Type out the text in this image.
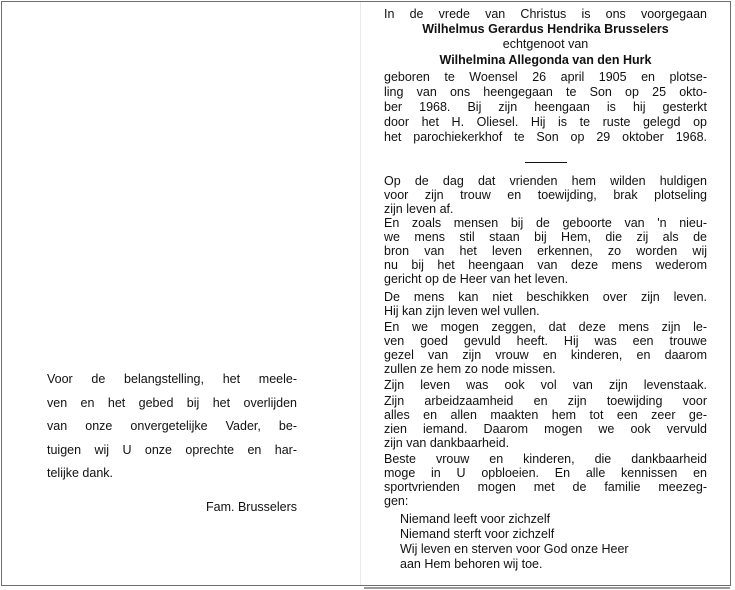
Voor de belangstelling, het meele-
ven en het gebed bij het overlijden
van onze onvergetelijke Vader, be-
tuigen wij U onze oprechte en har-
telijke dank.
Fam. Brusselers
In de vrede van Christus is ons voorgegaan
Wilhelmus Gerardus Hendrika Brusselers
echtgenoot van
Wilhelmina Allegonda van den Hurk
geboren te Woensel 26 april 1905 en plotse-
ling van ons heengegaan te Son op 25 okto-
ber 1968. Bij zijn heengaan is hij gesterkt
door het H. Oliesel. Hij is te ruste gelegd op
het parochiekerkhof te Son op 29 oktober 1968.
Op de dag dat vrienden hem wilden huldigen
voor zijn trouw en toewijding, brak plotseling
zijn leven af.
En zoals mensen bij de geboorte van 'n nieu-
we mens stil staan bij Hem, die zij als de
bron van het leven erkennen, zo worden wij
nu bij het heengaan van deze mens wederom
gericht op de Heer van het leven.
De mens kan niet beschikken over zijn leven.
Hij kan zijn leven wel vullen.
En we mogen zeggen, dat deze mens zijn le-
ven goed gevuld heeft. Hij was een trouwe
gezel van zijn vrouw en kinderen, en daarom
zullen ze hem zo node missen.
Zijn leven was ook vol van zijn levenstaak.
Zijn arbeidzaamheid en zijn toewijding voor
alles en allen maakten hem tot een zeer ge-
zien iemand. Daarom mogen we ook vervuld
zijn van dankbaarheid.
Beste vrouw en kinderen, die dankbaarheid
moge in U opbloeien. En alle kennissen en
sportvrienden mogen met de familie meezeg-
gen:
Niemand leeft voor zichzelf
Niemand sterft voor zichzelf
Wij leven en sterven voor God onze Heer
aan Hem behoren wij toe.
